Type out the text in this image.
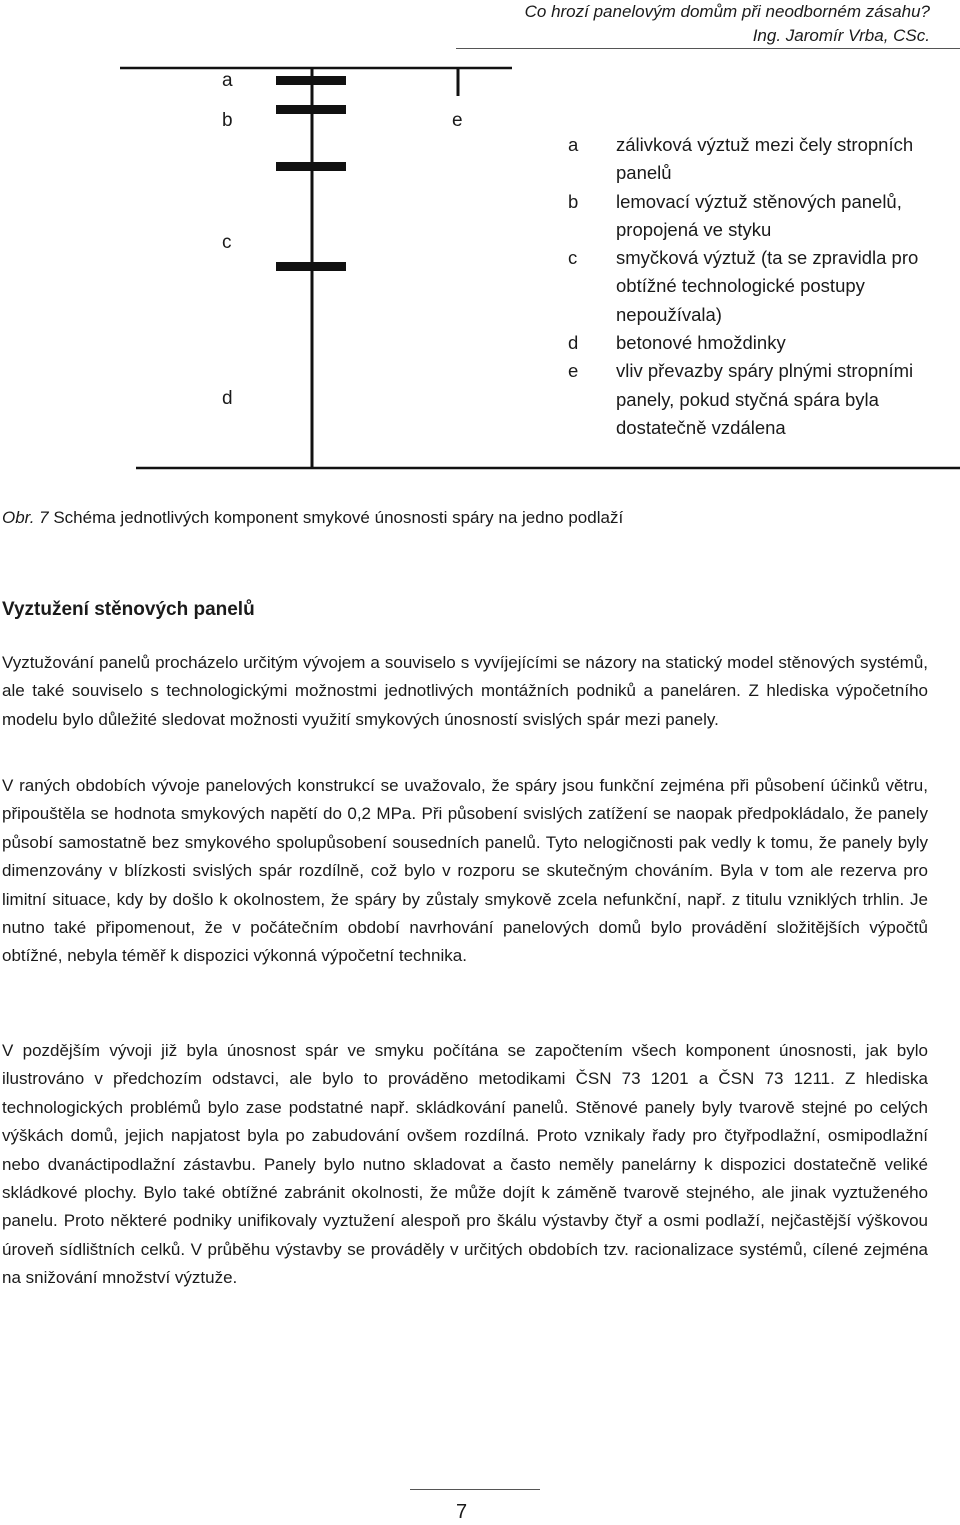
Co hrozí panelovým domům při neodborném zásahu?
Ing. Jaromír Vrba, CSc.
a
b
c
d
e
a	zálivková výztuž mezi čely stropních panelů
b	lemovací výztuž stěnových panelů, propojená ve styku
c	smyčková výztuž (ta se zpravidla pro obtížné technologické postupy nepoužívala)
d	betonové hmoždinky
e	vliv převazby spáry plnými stropními panely, pokud styčná spára byla dostatečně vzdálena
Obr. 7 Schéma jednotlivých komponent smykové únosnosti spáry na jedno podlaží
Vyztužení stěnových panelů

Vyztužování panelů procházelo určitým vývojem a souviselo s vyvíjejícími se názory na statický model stěnových systémů, ale také souviselo s technologickými možnostmi jednotlivých montážních podniků a paneláren. Z hlediska výpočetního modelu bylo důležité sledovat možnosti využití smykových únosností svislých spár mezi panely.

V raných obdobích vývoje panelových konstrukcí se uvažovalo, že spáry jsou funkční zejména při působení účinků větru, připouštěla se hodnota smykových napětí do 0,2 MPa. Při působení svislých zatížení se naopak předpokládalo, že panely působí samostatně bez smykového spolupůsobení sousedních panelů. Tyto nelogičnosti pak vedly k tomu, že panely byly dimenzovány v blízkosti svislých spár rozdílně, což bylo v rozporu se skutečným chováním. Byla v tom ale rezerva pro limitní situace, kdy by došlo k okolnostem, že spáry by zůstaly smykově zcela nefunkční, např. z titulu vzniklých trhlin. Je nutno také připomenout, že v počátečním období navrhování panelových domů bylo provádění složitějších výpočtů obtížné, nebyla téměř k dispozici výkonná výpočetní technika.

V pozdějším vývoji již byla únosnost spár ve smyku počítána se započtením všech komponent únosnosti, jak bylo ilustrováno v předchozím odstavci, ale bylo to prováděno metodikami ČSN 73 1201 a ČSN 73 1211. Z hlediska technologických problémů bylo zase podstatné např. skládkování panelů. Stěnové panely byly tvarově stejné po celých výškách domů, jejich napjatost byla po zabudování ovšem rozdílná. Proto vznikaly řady pro čtyřpodlažní, osmipodlažní nebo dvanáctipodlažní zástavbu. Panely bylo nutno skladovat a často neměly panelárny k dispozici dostatečně veliké skládkové plochy. Bylo také obtížné zabránit okolnosti, že může dojít k záměně tvarově stejného, ale jinak vyztuženého panelu. Proto některé podniky unifikovaly vyztužení alespoň pro škálu výstavby čtyř a osmi podlaží, nejčastější výškovou úroveň sídlištních celků. V průběhu výstavby se prováděly v určitých obdobích tzv. racionalizace systémů, cílené zejména na snižování množství výztuže.

7
